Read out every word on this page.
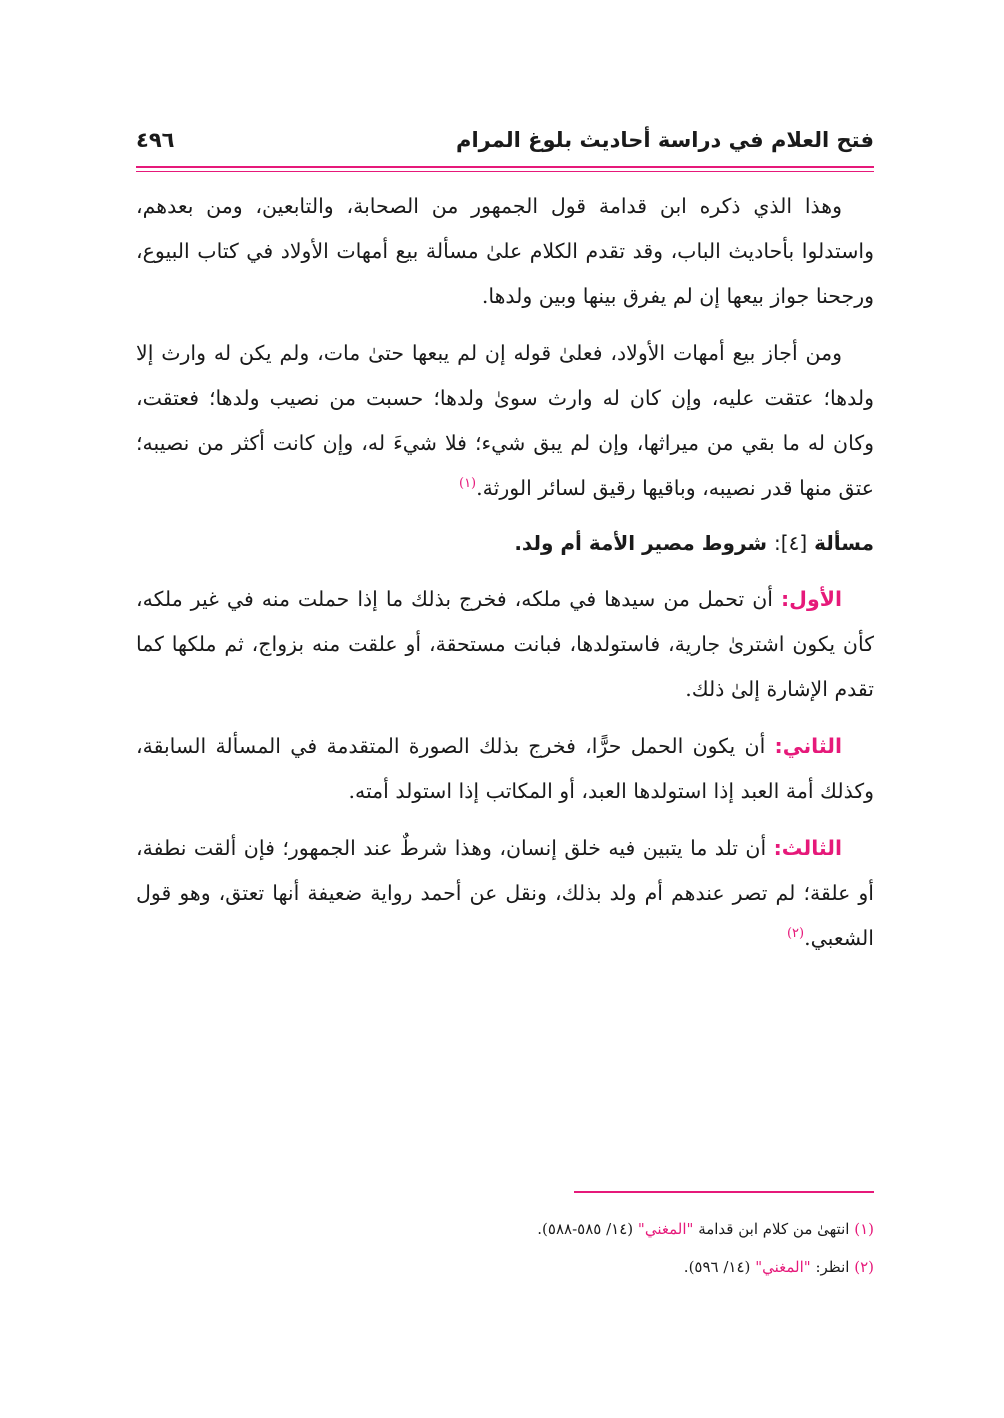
فتح العلام في دراسة أحاديث بلوغ المرام
٤٩٦

وهذا الذي ذكره ابن قدامة قول الجمهور من الصحابة، والتابعين، ومن بعدهم، واستدلوا بأحاديث الباب، وقد تقدم الكلام علىٰ مسألة بيع أمهات الأولاد في كتاب البيوع، ورجحنا جواز بيعها إن لم يفرق بينها وبين ولدها.

ومن أجاز بيع أمهات الأولاد، فعلىٰ قوله إن لم يبعها حتىٰ مات، ولم يكن له وارث إلا ولدها؛ عتقت عليه، وإن كان له وارث سوىٰ ولدها؛ حسبت من نصيب ولدها؛ فعتقت، وكان له ما بقي من ميراثها، وإن لم يبق شيء؛ فلا شيءَ له، وإن كانت أكثر من نصيبه؛ عتق منها قدر نصيبه، وباقيها رقيق لسائر الورثة.$^{(١)}$

مسألة [٤]: شروط مصير الأمة أم ولد.

الأول: أن تحمل من سيدها في ملكه، فخرج بذلك ما إذا حملت منه في غير ملكه، كأن يكون اشترىٰ جارية، فاستولدها، فبانت مستحقة، أو علقت منه بزواج، ثم ملكها كما تقدم الإشارة إلىٰ ذلك.

الثاني: أن يكون الحمل حرًّا، فخرج بذلك الصورة المتقدمة في المسألة السابقة، وكذلك أمة العبد إذا استولدها العبد، أو المكاتب إذا استولد أمته.

الثالث: أن تلد ما يتبين فيه خلق إنسان، وهذا شرطٌ عند الجمهور؛ فإن ألقت نطفة، أو علقة؛ لم تصر عندهم أم ولد بذلك، ونقل عن أحمد رواية ضعيفة أنها تعتق، وهو قول الشعبي.$^{(٢)}$

(١) انتهىٰ من كلام ابن قدامة "المغني" (١٤/ ٥٨٥-٥٨٨).
(٢) انظر: "المغني" (١٤/ ٥٩٦).
